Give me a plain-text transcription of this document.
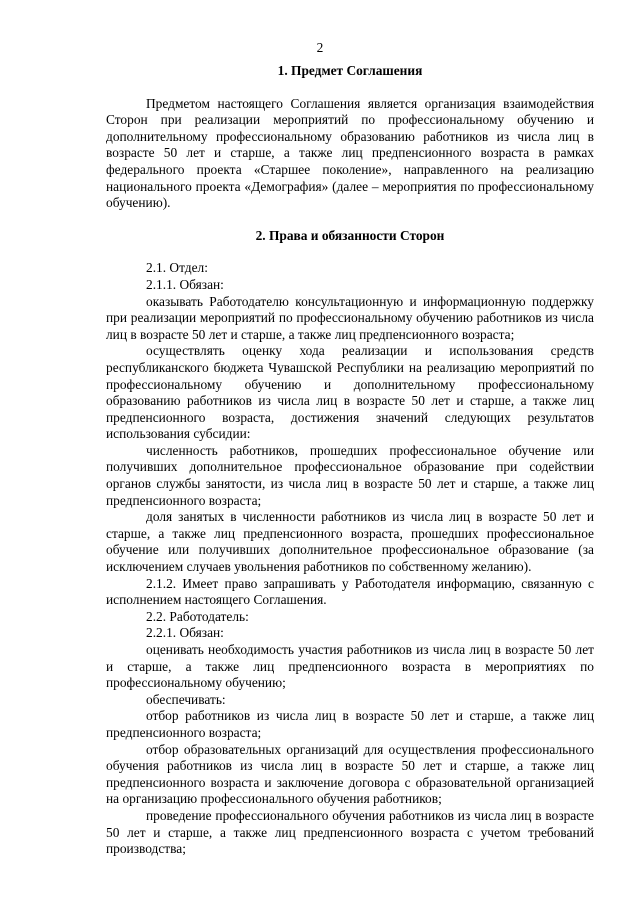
2

1. Предмет Соглашения

Предметом настоящего Соглашения является организация взаимодействия Сторон при реализации мероприятий по профессиональному обучению и дополнительному профессиональному образованию работников из числа лиц в возрасте 50 лет и старше, а также лиц предпенсионного возраста в рамках федерального проекта «Старшее поколение», направленного на реализацию национального проекта «Демография» (далее – мероприятия по профессиональному обучению).

2. Права и обязанности Сторон

2.1. Отдел:

2.1.1. Обязан:

оказывать Работодателю консультационную и информационную поддержку при реализации мероприятий по профессиональному обучению работников из числа лиц в возрасте 50 лет и старше, а также лиц предпенсионного возраста;

осуществлять оценку хода реализации и использования средств республиканского бюджета Чувашской Республики на реализацию мероприятий по профессиональному обучению и дополнительному профессиональному образованию работников из числа лиц в возрасте 50 лет и старше, а также лиц предпенсионного возраста, достижения значений следующих результатов использования субсидии:

численность работников, прошедших профессиональное обучение или получивших дополнительное профессиональное образование при содействии органов службы занятости, из числа лиц в возрасте 50 лет и старше, а также лиц предпенсионного возраста;

доля занятых в численности работников из числа лиц в возрасте 50 лет и старше, а также лиц предпенсионного возраста, прошедших профессиональное обучение или получивших дополнительное профессиональное образование (за исключением случаев увольнения работников по собственному желанию).

2.1.2. Имеет право запрашивать у Работодателя информацию, связанную с исполнением настоящего Соглашения.

2.2. Работодатель:

2.2.1. Обязан:

оценивать необходимость участия работников из числа лиц в возрасте 50 лет и старше, а также лиц предпенсионного возраста в мероприятиях по профессиональному обучению;

обеспечивать:

отбор работников из числа лиц в возрасте 50 лет и старше, а также лиц предпенсионного возраста;

отбор образовательных организаций для осуществления профессионального обучения работников из числа лиц в возрасте 50 лет и старше, а также лиц предпенсионного возраста и заключение договора с образовательной организацией на организацию профессионального обучения работников;

проведение профессионального обучения работников из числа лиц в возрасте 50 лет и старше, а также лиц предпенсионного возраста с учетом требований производства;
